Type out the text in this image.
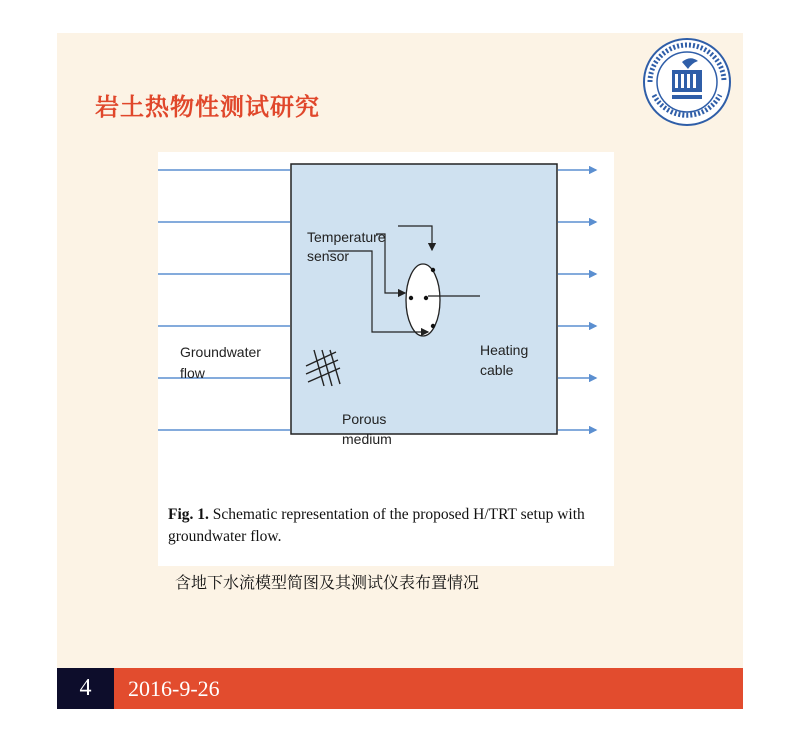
岩土热物性测试研究
Temperature
sensor
Groundwater
flow
Heating
cable
Porous
medium
Fig. 1. Schematic representation of the proposed H/TRT setup with groundwater flow.
含地下水流模型简图及其测试仪表布置情况
4	2016-9-26
